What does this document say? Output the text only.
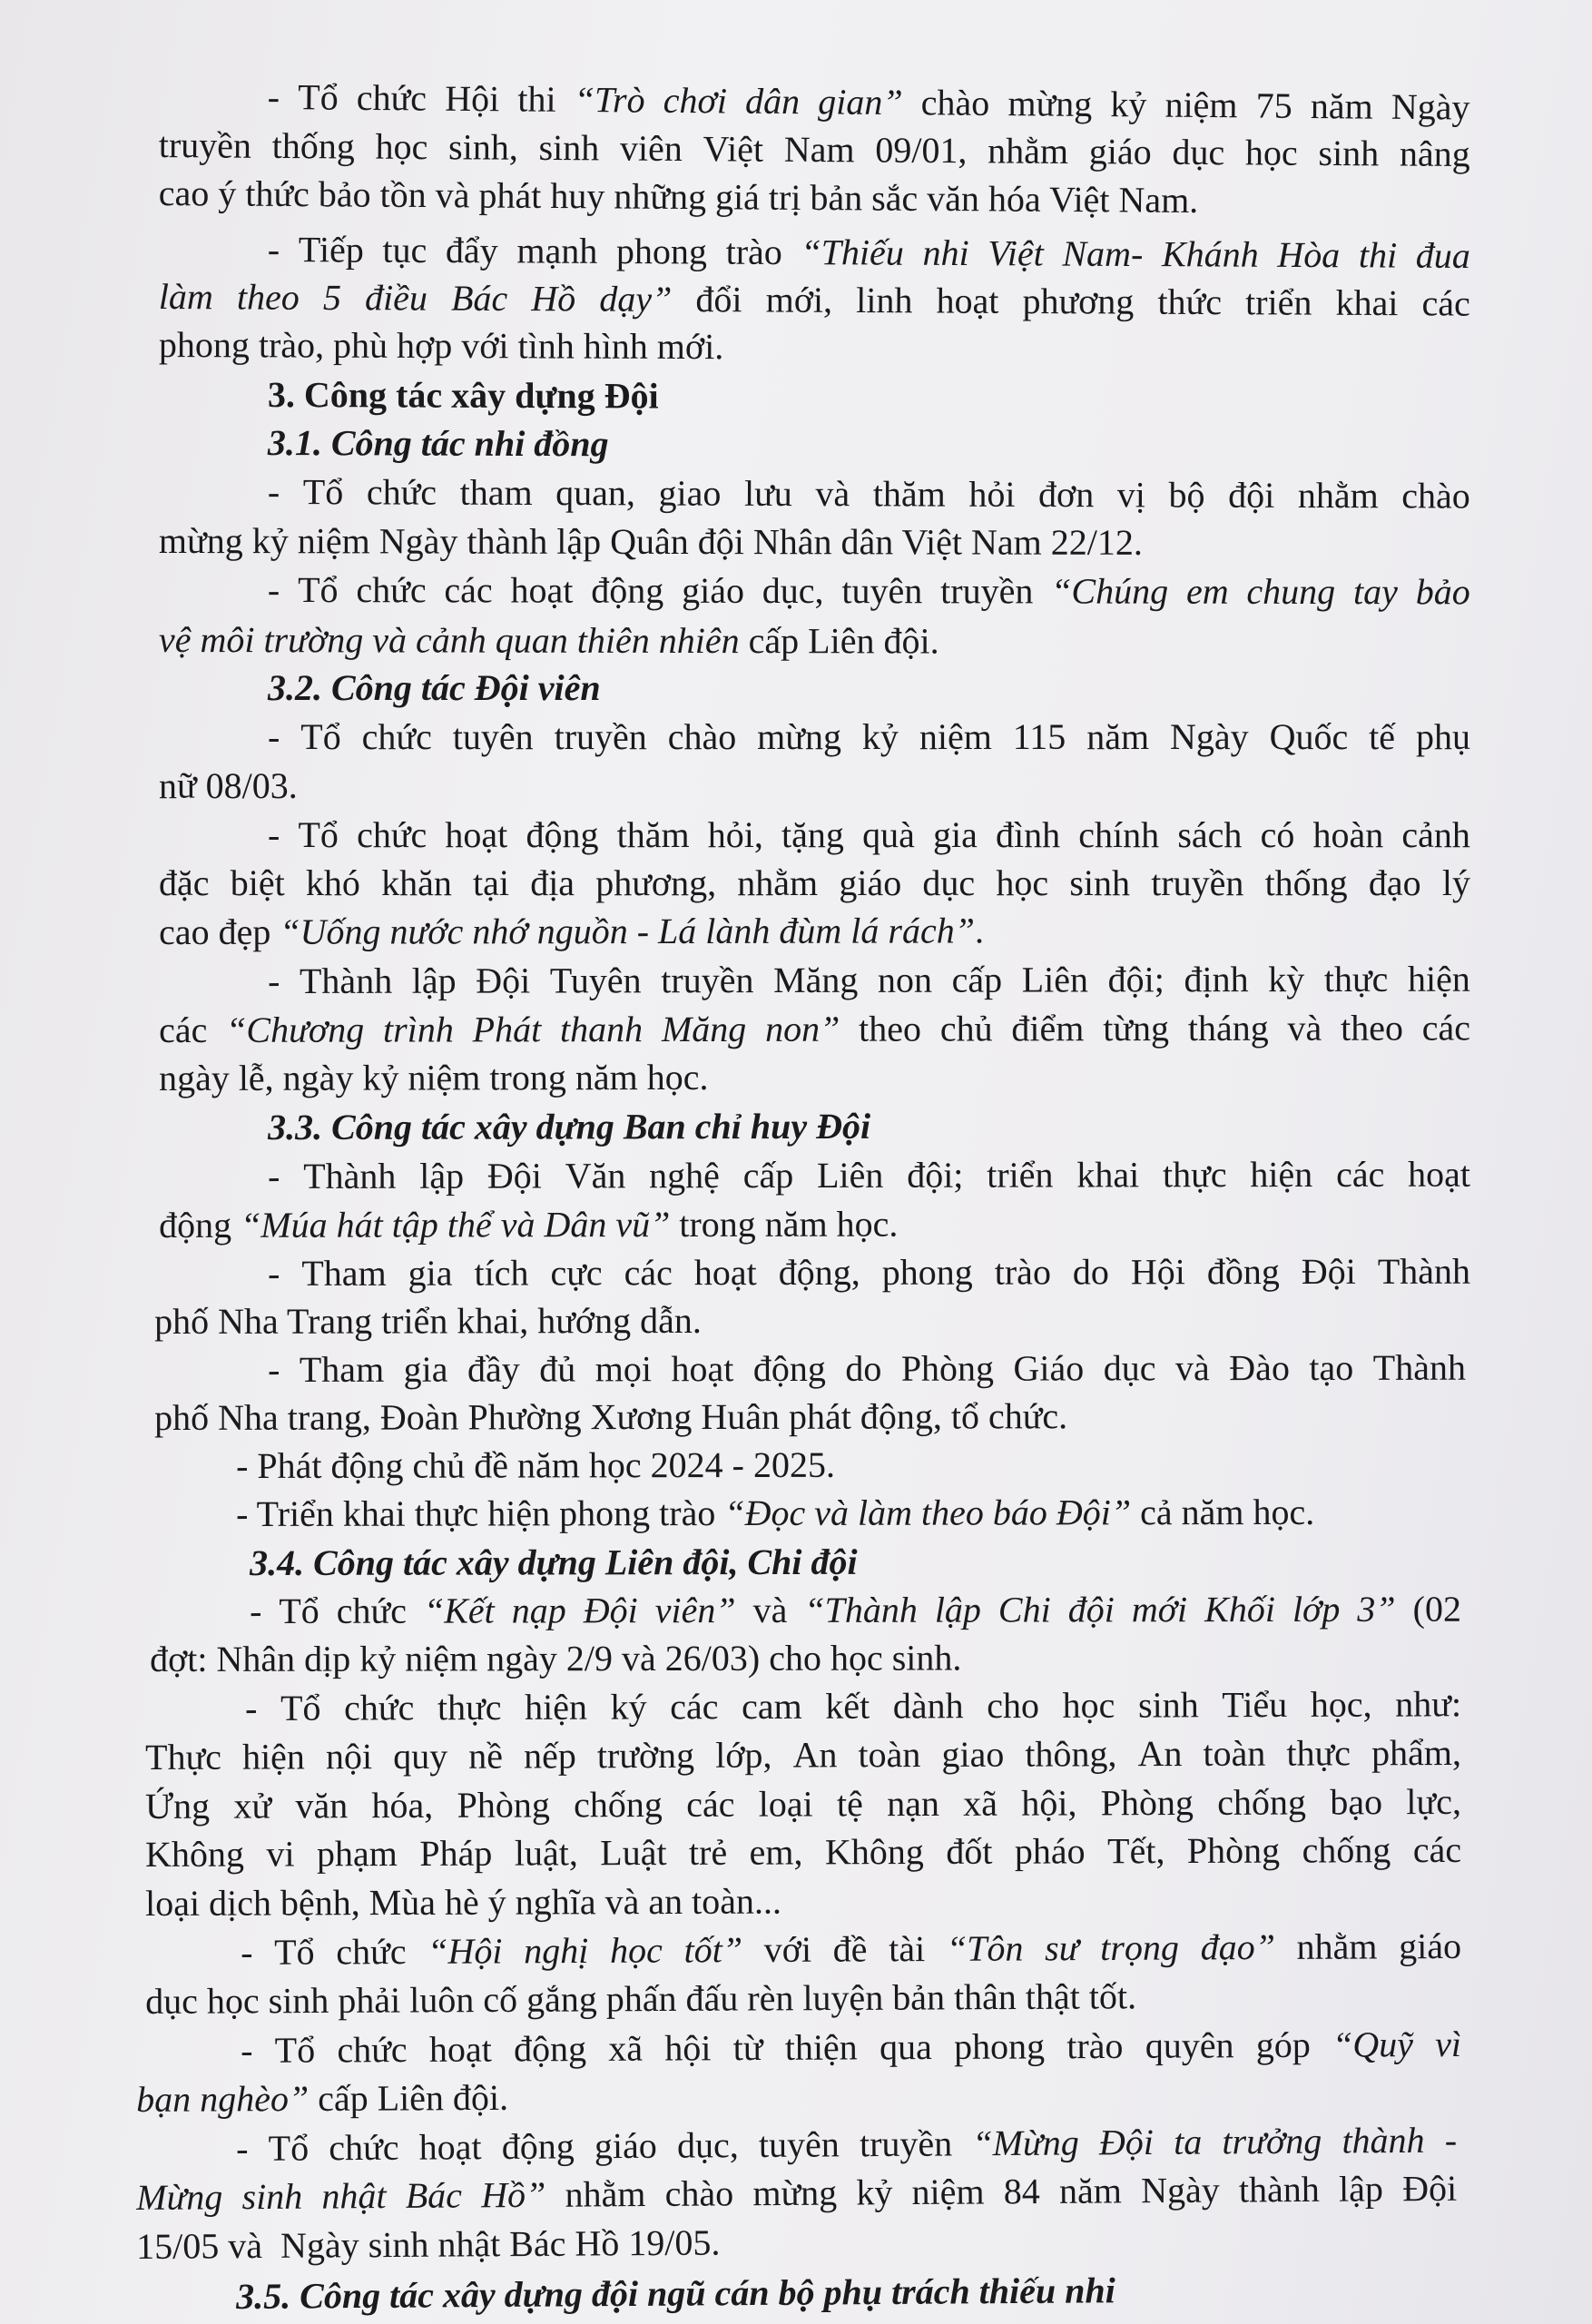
- Tổ chức Hội thi “Trò chơi dân gian” chào mừng kỷ niệm 75 năm Ngày
truyền thống học sinh, sinh viên Việt Nam 09/01, nhằm giáo dục học sinh nâng
cao ý thức bảo tồn và phát huy những giá trị bản sắc văn hóa Việt Nam.
- Tiếp tục đẩy mạnh phong trào “Thiếu nhi Việt Nam- Khánh Hòa thi đua
làm theo 5 điều Bác Hồ dạy” đổi mới, linh hoạt phương thức triển khai các
phong trào, phù hợp với tình hình mới.
3. Công tác xây dựng Đội
3.1. Công tác nhi đồng
- Tổ chức tham quan, giao lưu và thăm hỏi đơn vị bộ đội nhằm chào
mừng kỷ niệm Ngày thành lập Quân đội Nhân dân Việt Nam 22/12.
- Tổ chức các hoạt động giáo dục, tuyên truyền “Chúng em chung tay bảo
vệ môi trường và cảnh quan thiên nhiên cấp Liên đội.
3.2. Công tác Đội viên
- Tổ chức tuyên truyền chào mừng kỷ niệm 115 năm Ngày Quốc tế phụ
nữ 08/03.
- Tổ chức hoạt động thăm hỏi, tặng quà gia đình chính sách có hoàn cảnh
đặc biệt khó khăn tại địa phương, nhằm giáo dục học sinh truyền thống đạo lý
cao đẹp “Uống nước nhớ nguồn - Lá lành đùm lá rách”.
- Thành lập Đội Tuyên truyền Măng non cấp Liên đội; định kỳ thực hiện
các “Chương trình Phát thanh Măng non” theo chủ điểm từng tháng và theo các
ngày lễ, ngày kỷ niệm trong năm học.
3.3. Công tác xây dựng Ban chỉ huy Đội
- Thành lập Đội Văn nghệ cấp Liên đội; triển khai thực hiện các hoạt
động “Múa hát tập thể và Dân vũ” trong năm học.
- Tham gia tích cực các hoạt động, phong trào do Hội đồng Đội Thành
phố Nha Trang triển khai, hướng dẫn.
- Tham gia đầy đủ mọi hoạt động do Phòng Giáo dục và Đào tạo Thành
phố Nha trang, Đoàn Phường Xương Huân phát động, tổ chức.
- Phát động chủ đề năm học 2024 - 2025.
- Triển khai thực hiện phong trào “Đọc và làm theo báo Đội” cả năm học.
3.4. Công tác xây dựng Liên đội, Chi đội
- Tổ chức “Kết nạp Đội viên” và “Thành lập Chi đội mới Khối lớp 3” (02
đợt: Nhân dịp kỷ niệm ngày 2/9 và 26/03) cho học sinh.
- Tổ chức thực hiện ký các cam kết dành cho học sinh Tiểu học, như:
Thực hiện nội quy nề nếp trường lớp, An toàn giao thông, An toàn thực phẩm,
Ứng xử văn hóa, Phòng chống các loại tệ nạn xã hội, Phòng chống bạo lực,
Không vi phạm Pháp luật, Luật trẻ em, Không đốt pháo Tết, Phòng chống các
loại dịch bệnh, Mùa hè ý nghĩa và an toàn...
- Tổ chức “Hội nghị học tốt” với đề tài “Tôn sư trọng đạo” nhằm giáo
dục học sinh phải luôn cố gắng phấn đấu rèn luyện bản thân thật tốt.
- Tổ chức hoạt động xã hội từ thiện qua phong trào quyên góp “Quỹ vì
bạn nghèo” cấp Liên đội.
- Tổ chức hoạt động giáo dục, tuyên truyền “Mừng Đội ta trưởng thành -
Mừng sinh nhật Bác Hồ” nhằm chào mừng kỷ niệm 84 năm Ngày thành lập Đội
15/05 và  Ngày sinh nhật Bác Hồ 19/05.
3.5. Công tác xây dựng đội ngũ cán bộ phụ trách thiếu nhi
